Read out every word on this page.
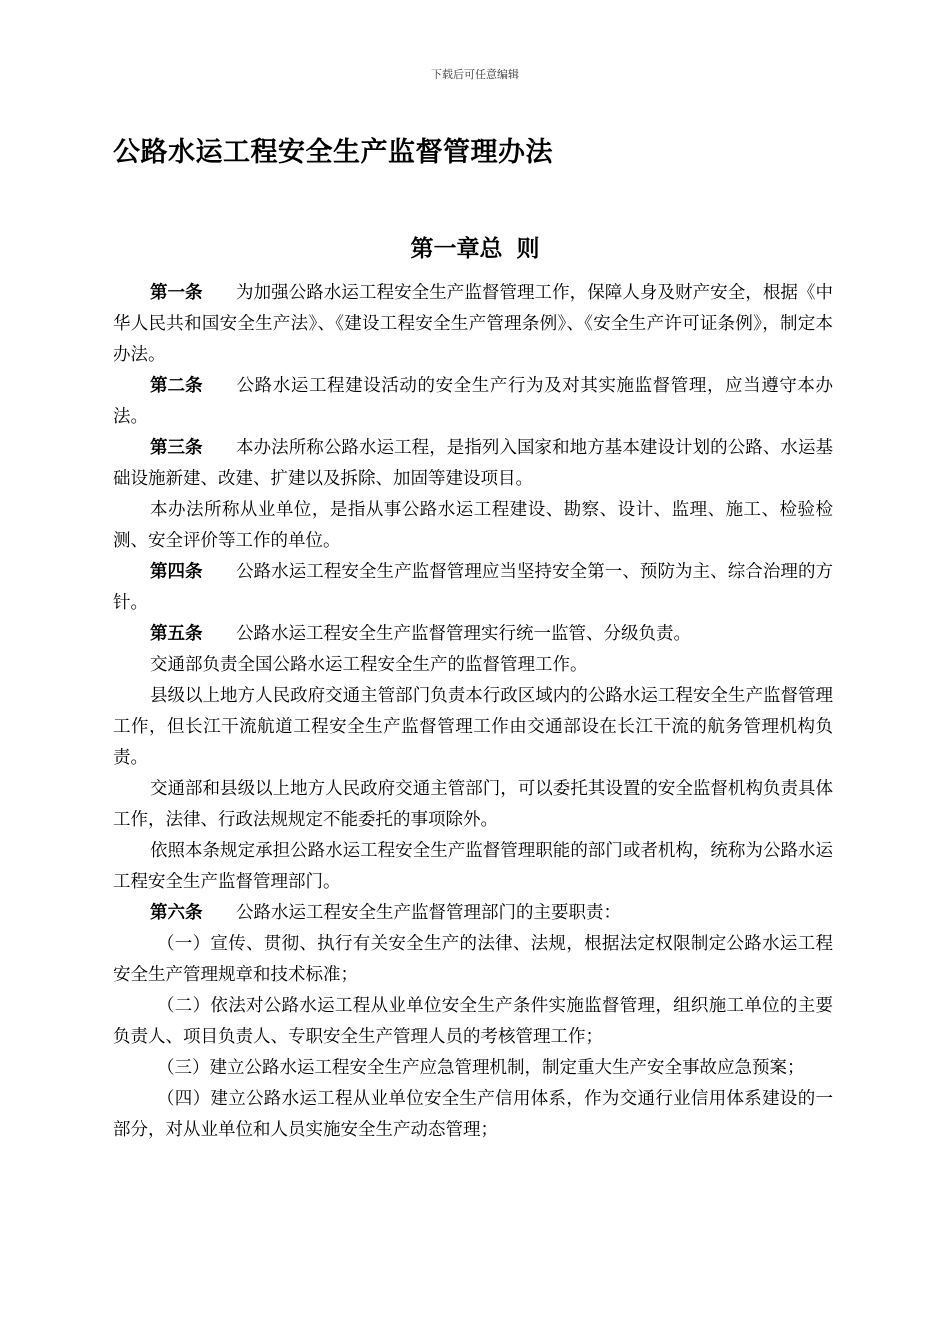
下载后可任意编辑
公路水运工程安全生产监督管理办法
第一章总 则

第一条 为加强公路水运工程安全生产监督管理工作，保障人身及财产安全，根据《中华人民共和国安全生产法》、《建设工程安全生产管理条例》、《安全生产许可证条例》，制定本办法。

第二条 公路水运工程建设活动的安全生产行为及对其实施监督管理，应当遵守本办法。

第三条 本办法所称公路水运工程，是指列入国家和地方基本建设计划的公路、水运基础设施新建、改建、扩建以及拆除、加固等建设项目。

本办法所称从业单位，是指从事公路水运工程建设、勘察、设计、监理、施工、检验检测、安全评价等工作的单位。

第四条 公路水运工程安全生产监督管理应当坚持安全第一、预防为主、综合治理的方针。

第五条 公路水运工程安全生产监督管理实行统一监管、分级负责。

交通部负责全国公路水运工程安全生产的监督管理工作。

县级以上地方人民政府交通主管部门负责本行政区域内的公路水运工程安全生产监督管理工作，但长江干流航道工程安全生产监督管理工作由交通部设在长江干流的航务管理机构负责。

交通部和县级以上地方人民政府交通主管部门，可以委托其设置的安全监督机构负责具体工作，法律、行政法规规定不能委托的事项除外。

依照本条规定承担公路水运工程安全生产监督管理职能的部门或者机构，统称为公路水运工程安全生产监督管理部门。

第六条 公路水运工程安全生产监督管理部门的主要职责：

（一）宣传、贯彻、执行有关安全生产的法律、法规，根据法定权限制定公路水运工程安全生产管理规章和技术标准；

（二）依法对公路水运工程从业单位安全生产条件实施监督管理，组织施工单位的主要负责人、项目负责人、专职安全生产管理人员的考核管理工作；

（三）建立公路水运工程安全生产应急管理机制，制定重大生产安全事故应急预案；

（四）建立公路水运工程从业单位安全生产信用体系，作为交通行业信用体系建设的一部分，对从业单位和人员实施安全生产动态管理；
